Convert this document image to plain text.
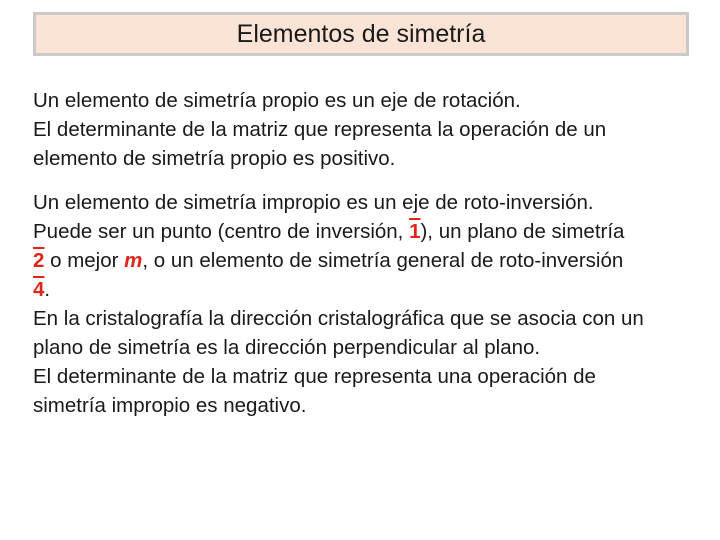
Elementos de simetría
Un elemento de simetría propio es un eje de rotación.
El determinante de la matriz que representa la operación de un
elemento de simetría propio es positivo.
Un elemento de simetría impropio es un eje de roto-inversión.
Puede ser un punto (centro de inversión, 1), un plano de simetría
2 o mejor m, o un elemento de simetría general de roto-inversión
4.
En la cristalografía la dirección cristalográfica que se asocia con un
plano de simetría es la dirección perpendicular al plano.
El determinante de la matriz que representa una operación de
simetría impropio es negativo.
